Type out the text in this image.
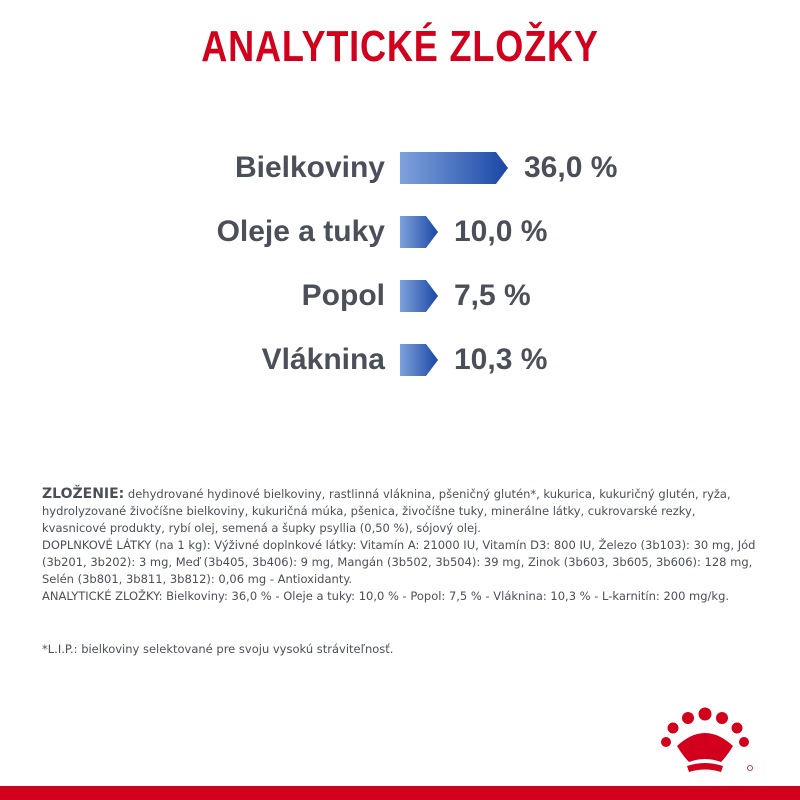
ANALYTICKÉ ZLOŽKY
Bielkoviny	36,0 %
Oleje a tuky 10,0 %
Popol 7,5 %
Vláknina 10,3 %

ZLOŽENIE: dehydrované hydinové bielkoviny, rastlinná vláknina, pšeničný glutén*, kukurica, kukuričný glutén, ryža, hydrolyzované živočíšne bielkoviny, kukuričná múka, pšenica, živočíšne tuky, minerálne látky, cukrovarské rezky, kvasnicové produkty, rybí olej, semená a šupky psyllia (0,50 %), sójový olej.

DOPLNKOVÉ LÁTKY (na 1 kg): Výživné doplnkové látky: Vitamín A: 21000 IU, Vitamín D3: 800 IU, Železo (3b103): 30 mg, Jód (3b201, 3b202): 3 mg, Meď (3b405, 3b406): 9 mg, Mangán (3b502, 3b504): 39 mg, Zinok (3b603, 3b605, 3b606): 128 mg, Selén (3b801, 3b811, 3b812): 0,06 mg - Antioxidanty.

ANALYTICKÉ ZLOŽKY: Bielkoviny: 36,0 % - Oleje a tuky: 10,0 % - Popol: 7,5 % - Vláknina: 10,3 % - L-karnitín: 200 mg/kg.

*L.I.P.: bielkoviny selektované pre svoju vysokú stráviteľnosť.
